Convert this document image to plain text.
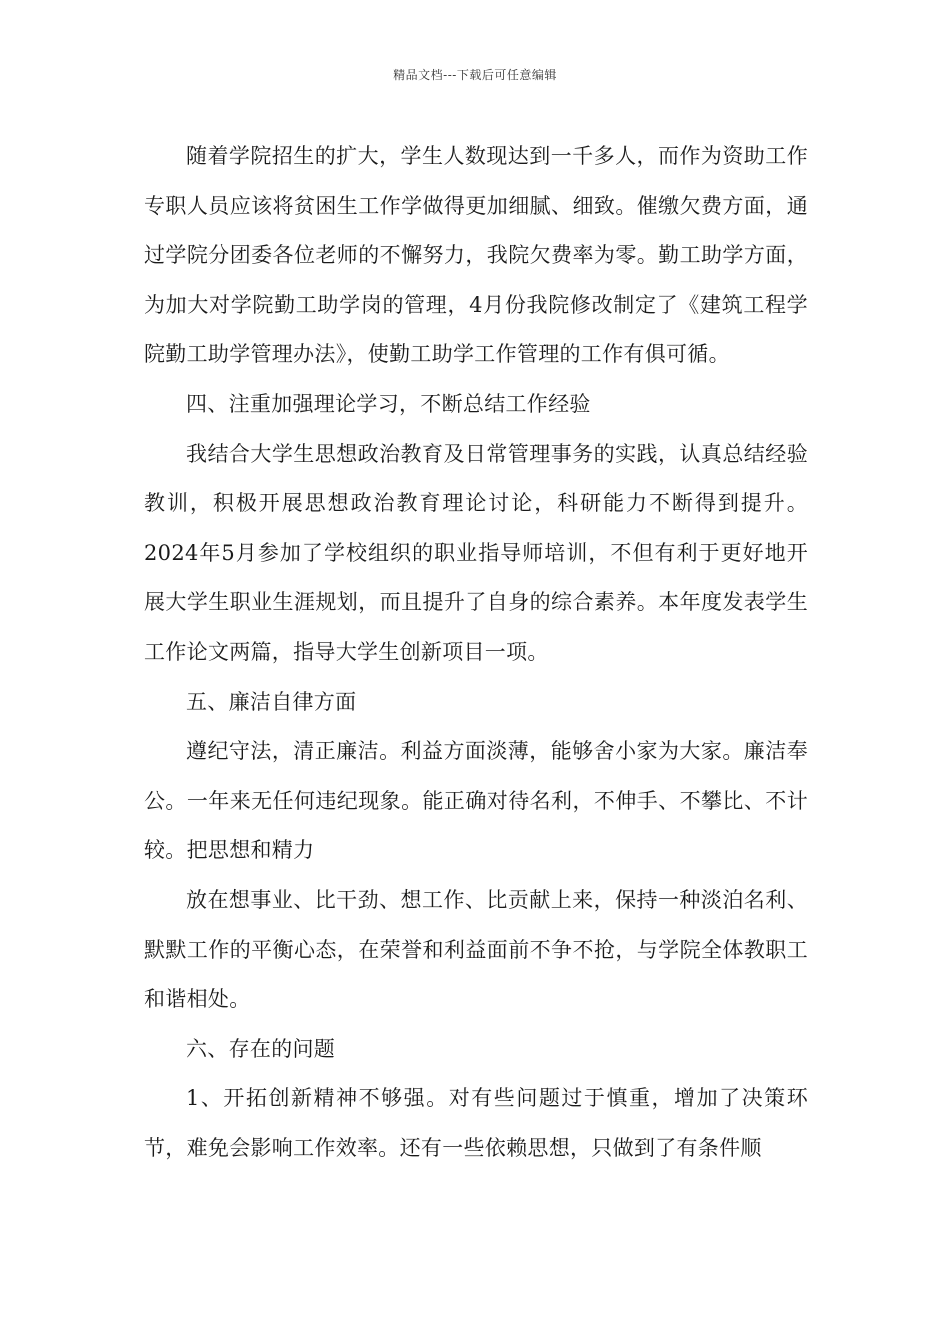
精品文档---下载后可任意编辑

随着学院招生的扩大，学生人数现达到一千多人，而作为资助工作专职人员应该将贫困生工作学做得更加细腻、细致。催缴欠费方面，通过学院分团委各位老师的不懈努力，我院欠费率为零。勤工助学方面，为加大对学院勤工助学岗的管理，4月份我院修改制定了《建筑工程学院勤工助学管理办法》，使勤工助学工作管理的工作有俱可循。

四、注重加强理论学习，不断总结工作经验

我结合大学生思想政治教育及日常管理事务的实践，认真总结经验教训，积极开展思想政治教育理论讨论，科研能力不断得到提升。2024年5月参加了学校组织的职业指导师培训，不但有利于更好地开展大学生职业生涯规划，而且提升了自身的综合素养。本年度发表学生工作论文两篇，指导大学生创新项目一项。

五、廉洁自律方面

遵纪守法，清正廉洁。利益方面淡薄，能够舍小家为大家。廉洁奉公。一年来无任何违纪现象。能正确对待名利，不伸手、不攀比、不计较。把思想和精力

放在想事业、比干劲、想工作、比贡献上来，保持一种淡泊名利、默默工作的平衡心态，在荣誉和利益面前不争不抢，与学院全体教职工和谐相处。

六、存在的问题

1、开拓创新精神不够强。对有些问题过于慎重，增加了决策环节，难免会影响工作效率。还有一些依赖思想，只做到了有条件顺
